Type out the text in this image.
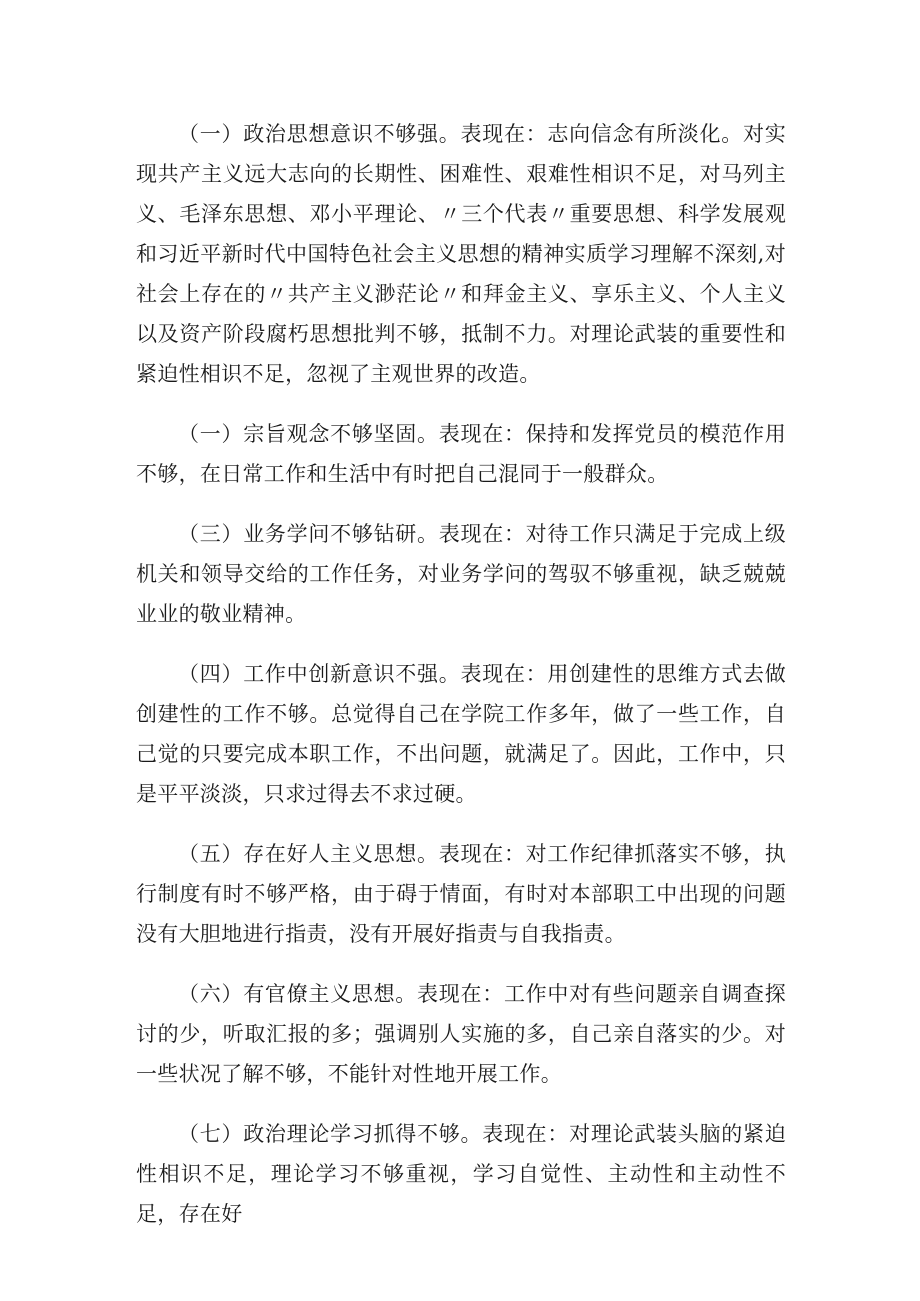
（一）政治思想意识不够强。表现在：志向信念有所淡化。对实现共产主义远大志向的长期性、困难性、艰难性相识不足，对马列主义、毛泽东思想、邓小平理论、〃三个代表〃重要思想、科学发展观和习近平新时代中国特色社会主义思想的精神实质学习理解不深刻,对社会上存在的〃共产主义渺茫论〃和拜金主义、享乐主义、个人主义以及资产阶段腐朽思想批判不够，抵制不力。对理论武装的重要性和紧迫性相识不足，忽视了主观世界的改造。

（一）宗旨观念不够坚固。表现在：保持和发挥党员的模范作用不够，在日常工作和生活中有时把自己混同于一般群众。

（三）业务学问不够钻研。表现在：对待工作只满足于完成上级机关和领导交给的工作任务，对业务学问的驾驭不够重视，缺乏兢兢业业的敬业精神。

（四）工作中创新意识不强。表现在：用创建性的思维方式去做创建性的工作不够。总觉得自己在学院工作多年，做了一些工作，自己觉的只要完成本职工作，不出问题，就满足了。因此，工作中，只是平平淡淡，只求过得去不求过硬。

（五）存在好人主义思想。表现在：对工作纪律抓落实不够，执行制度有时不够严格，由于碍于情面，有时对本部职工中出现的问题没有大胆地进行指责，没有开展好指责与自我指责。

（六）有官僚主义思想。表现在：工作中对有些问题亲自调查探讨的少，听取汇报的多；强调别人实施的多，自己亲自落实的少。对一些状况了解不够，不能针对性地开展工作。

（七）政治理论学习抓得不够。表现在：对理论武装头脑的紧迫性相识不足，理论学习不够重视，学习自觉性、主动性和主动性不足，存在好
